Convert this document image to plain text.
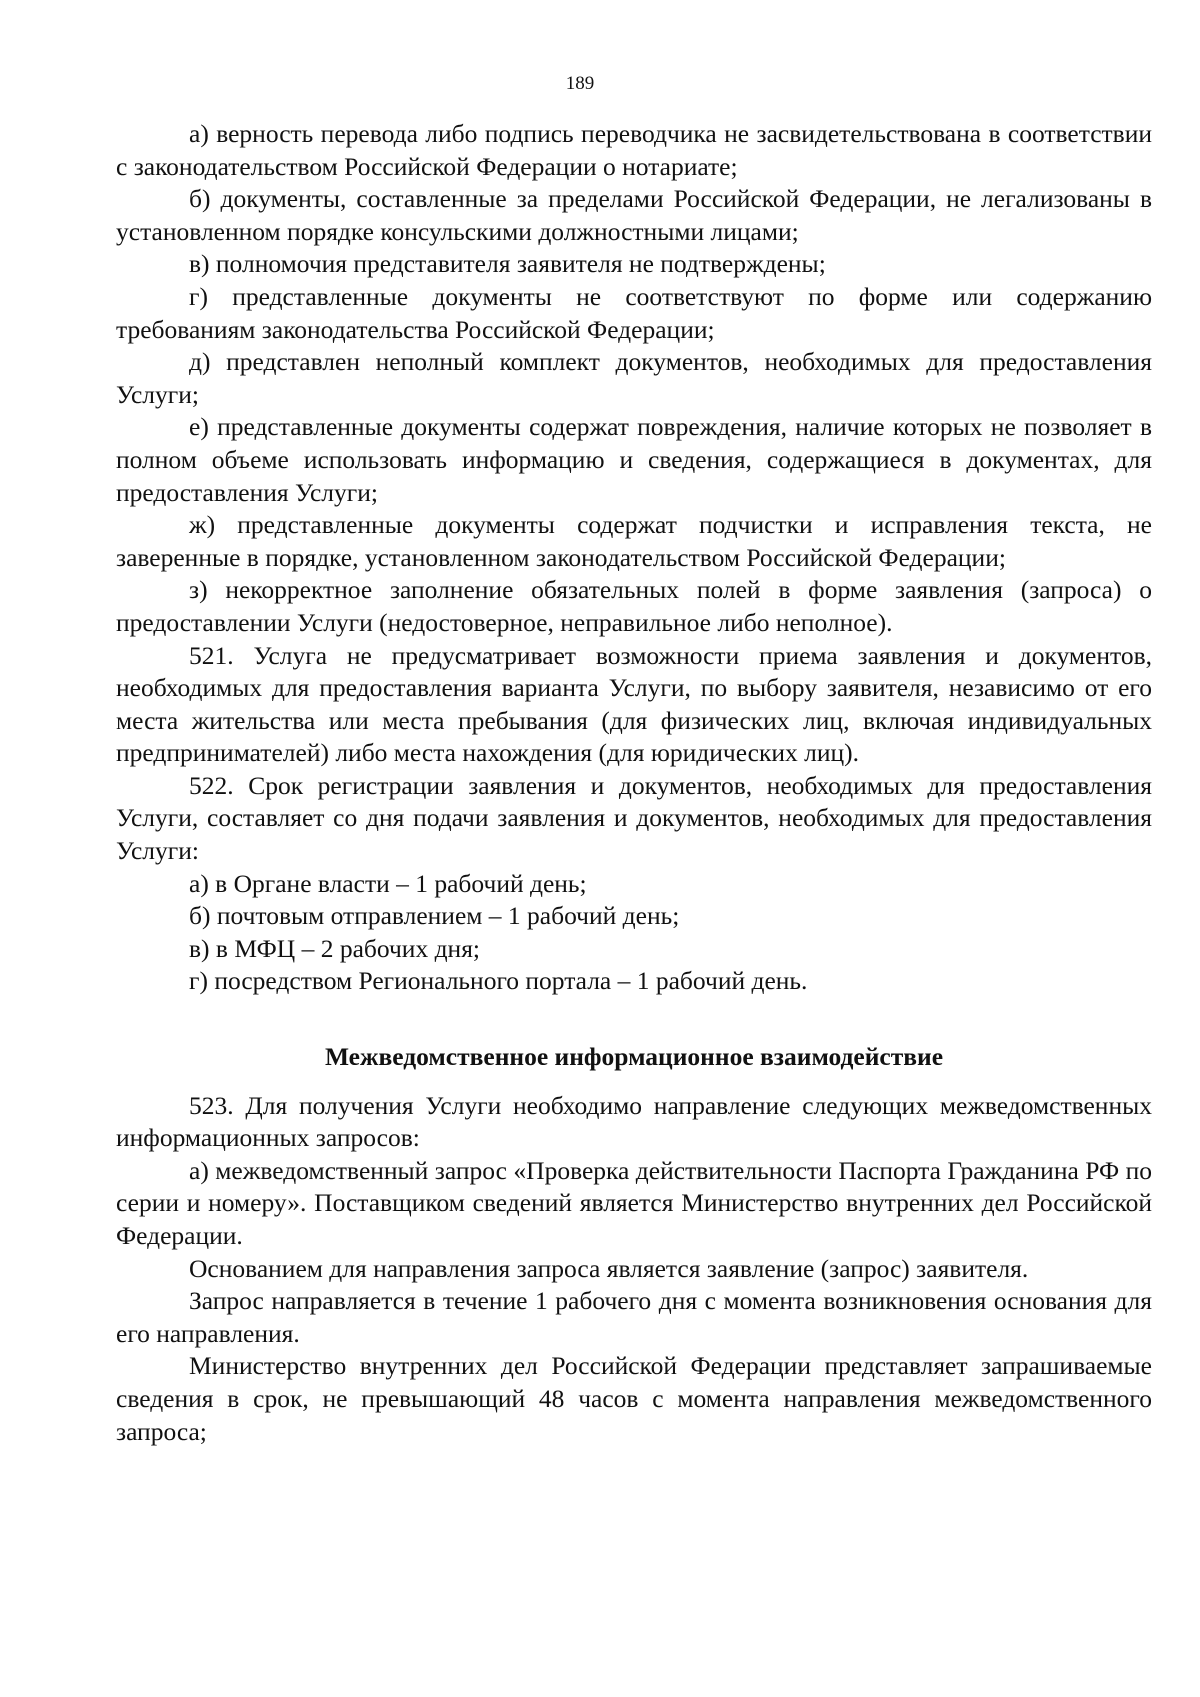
189

а) верность перевода либо подпись переводчика не засвидетельствована в соответствии с законодательством Российской Федерации о нотариате;

б) документы, составленные за пределами Российской Федерации, не легализованы в установленном порядке консульскими должностными лицами;

в) полномочия представителя заявителя не подтверждены;

г) представленные документы не соответствуют по форме или содержанию требованиям законодательства Российской Федерации;

д) представлен неполный комплект документов, необходимых для предоставления Услуги;

е) представленные документы содержат повреждения, наличие которых не позволяет в полном объеме использовать информацию и сведения, содержащиеся в документах, для предоставления Услуги;

ж) представленные документы содержат подчистки и исправления текста, не заверенные в порядке, установленном законодательством Российской Федерации;

з) некорректное заполнение обязательных полей в форме заявления (запроса) о предоставлении Услуги (недостоверное, неправильное либо неполное).

521. Услуга не предусматривает возможности приема заявления и документов, необходимых для предоставления варианта Услуги, по выбору заявителя, независимо от его места жительства или места пребывания (для физических лиц, включая индивидуальных предпринимателей) либо места нахождения (для юридических лиц).

522. Срок регистрации заявления и документов, необходимых для предоставления Услуги, составляет со дня подачи заявления и документов, необходимых для предоставления Услуги:

а) в Органе власти – 1 рабочий день;

б) почтовым отправлением – 1 рабочий день;

в) в МФЦ – 2 рабочих дня;

г) посредством Регионального портала – 1 рабочий день.

Межведомственное информационное взаимодействие

523. Для получения Услуги необходимо направление следующих межведомственных информационных запросов:

а) межведомственный запрос «Проверка действительности Паспорта Гражданина РФ по серии и номеру». Поставщиком сведений является Министерство внутренних дел Российской Федерации.

Основанием для направления запроса является заявление (запрос) заявителя.

Запрос направляется в течение 1 рабочего дня с момента возникновения основания для его направления.

Министерство внутренних дел Российской Федерации представляет запрашиваемые сведения в срок, не превышающий 48 часов с момента направления межведомственного запроса;
